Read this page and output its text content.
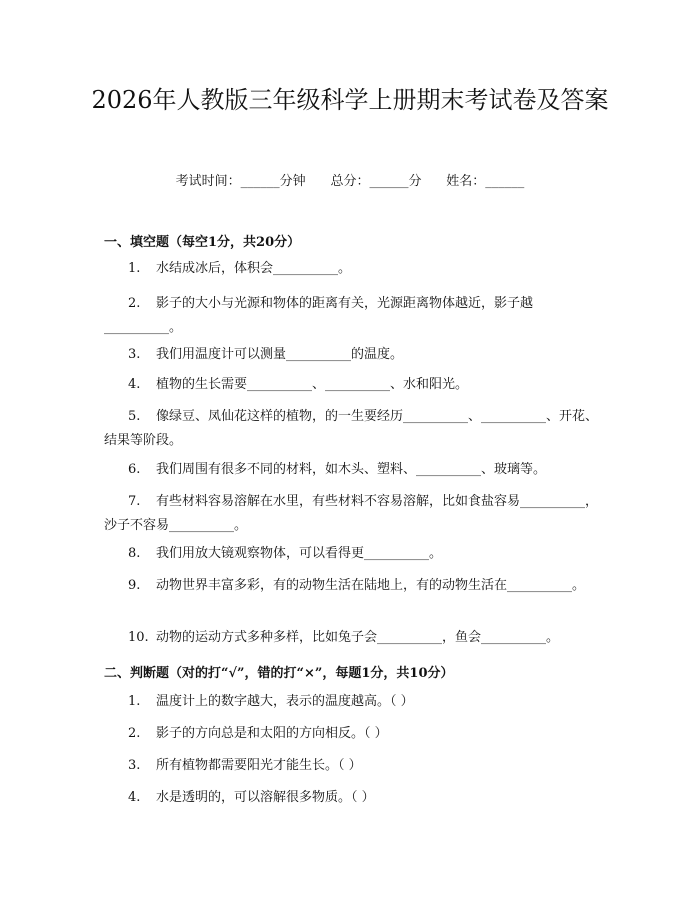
2026年人教版三年级科学上册期末考试卷及答案
考试时间：______分钟 总分：______分 姓名：______
一、填空题（每空1分，共20分）

1. 水结成冰后，体积会__________。

2. 影子的大小与光源和物体的距离有关，光源距离物体越近，影子越__________。

3. 我们用温度计可以测量__________的温度。

4. 植物的生长需要__________、__________、水和阳光。

5. 像绿豆、凤仙花这样的植物，的一生要经历__________、__________、开花、结果等阶段。

6. 我们周围有很多不同的材料，如木头、塑料、__________、玻璃等。

7. 有些材料容易溶解在水里，有些材料不容易溶解，比如食盐容易__________，沙子不容易__________。

8. 我们用放大镜观察物体，可以看得更__________。

9. 动物世界丰富多彩，有的动物生活在陆地上，有的动物生活在__________。

10. 动物的运动方式多种多样，比如兔子会__________，鱼会__________。

二、判断题（对的打“√”，错的打“×”，每题1分，共10分）

1. 温度计上的数字越大，表示的温度越高。（ ）

2. 影子的方向总是和太阳的方向相反。（ ）

3. 所有植物都需要阳光才能生长。（ ）

4. 水是透明的，可以溶解很多物质。（ ）
